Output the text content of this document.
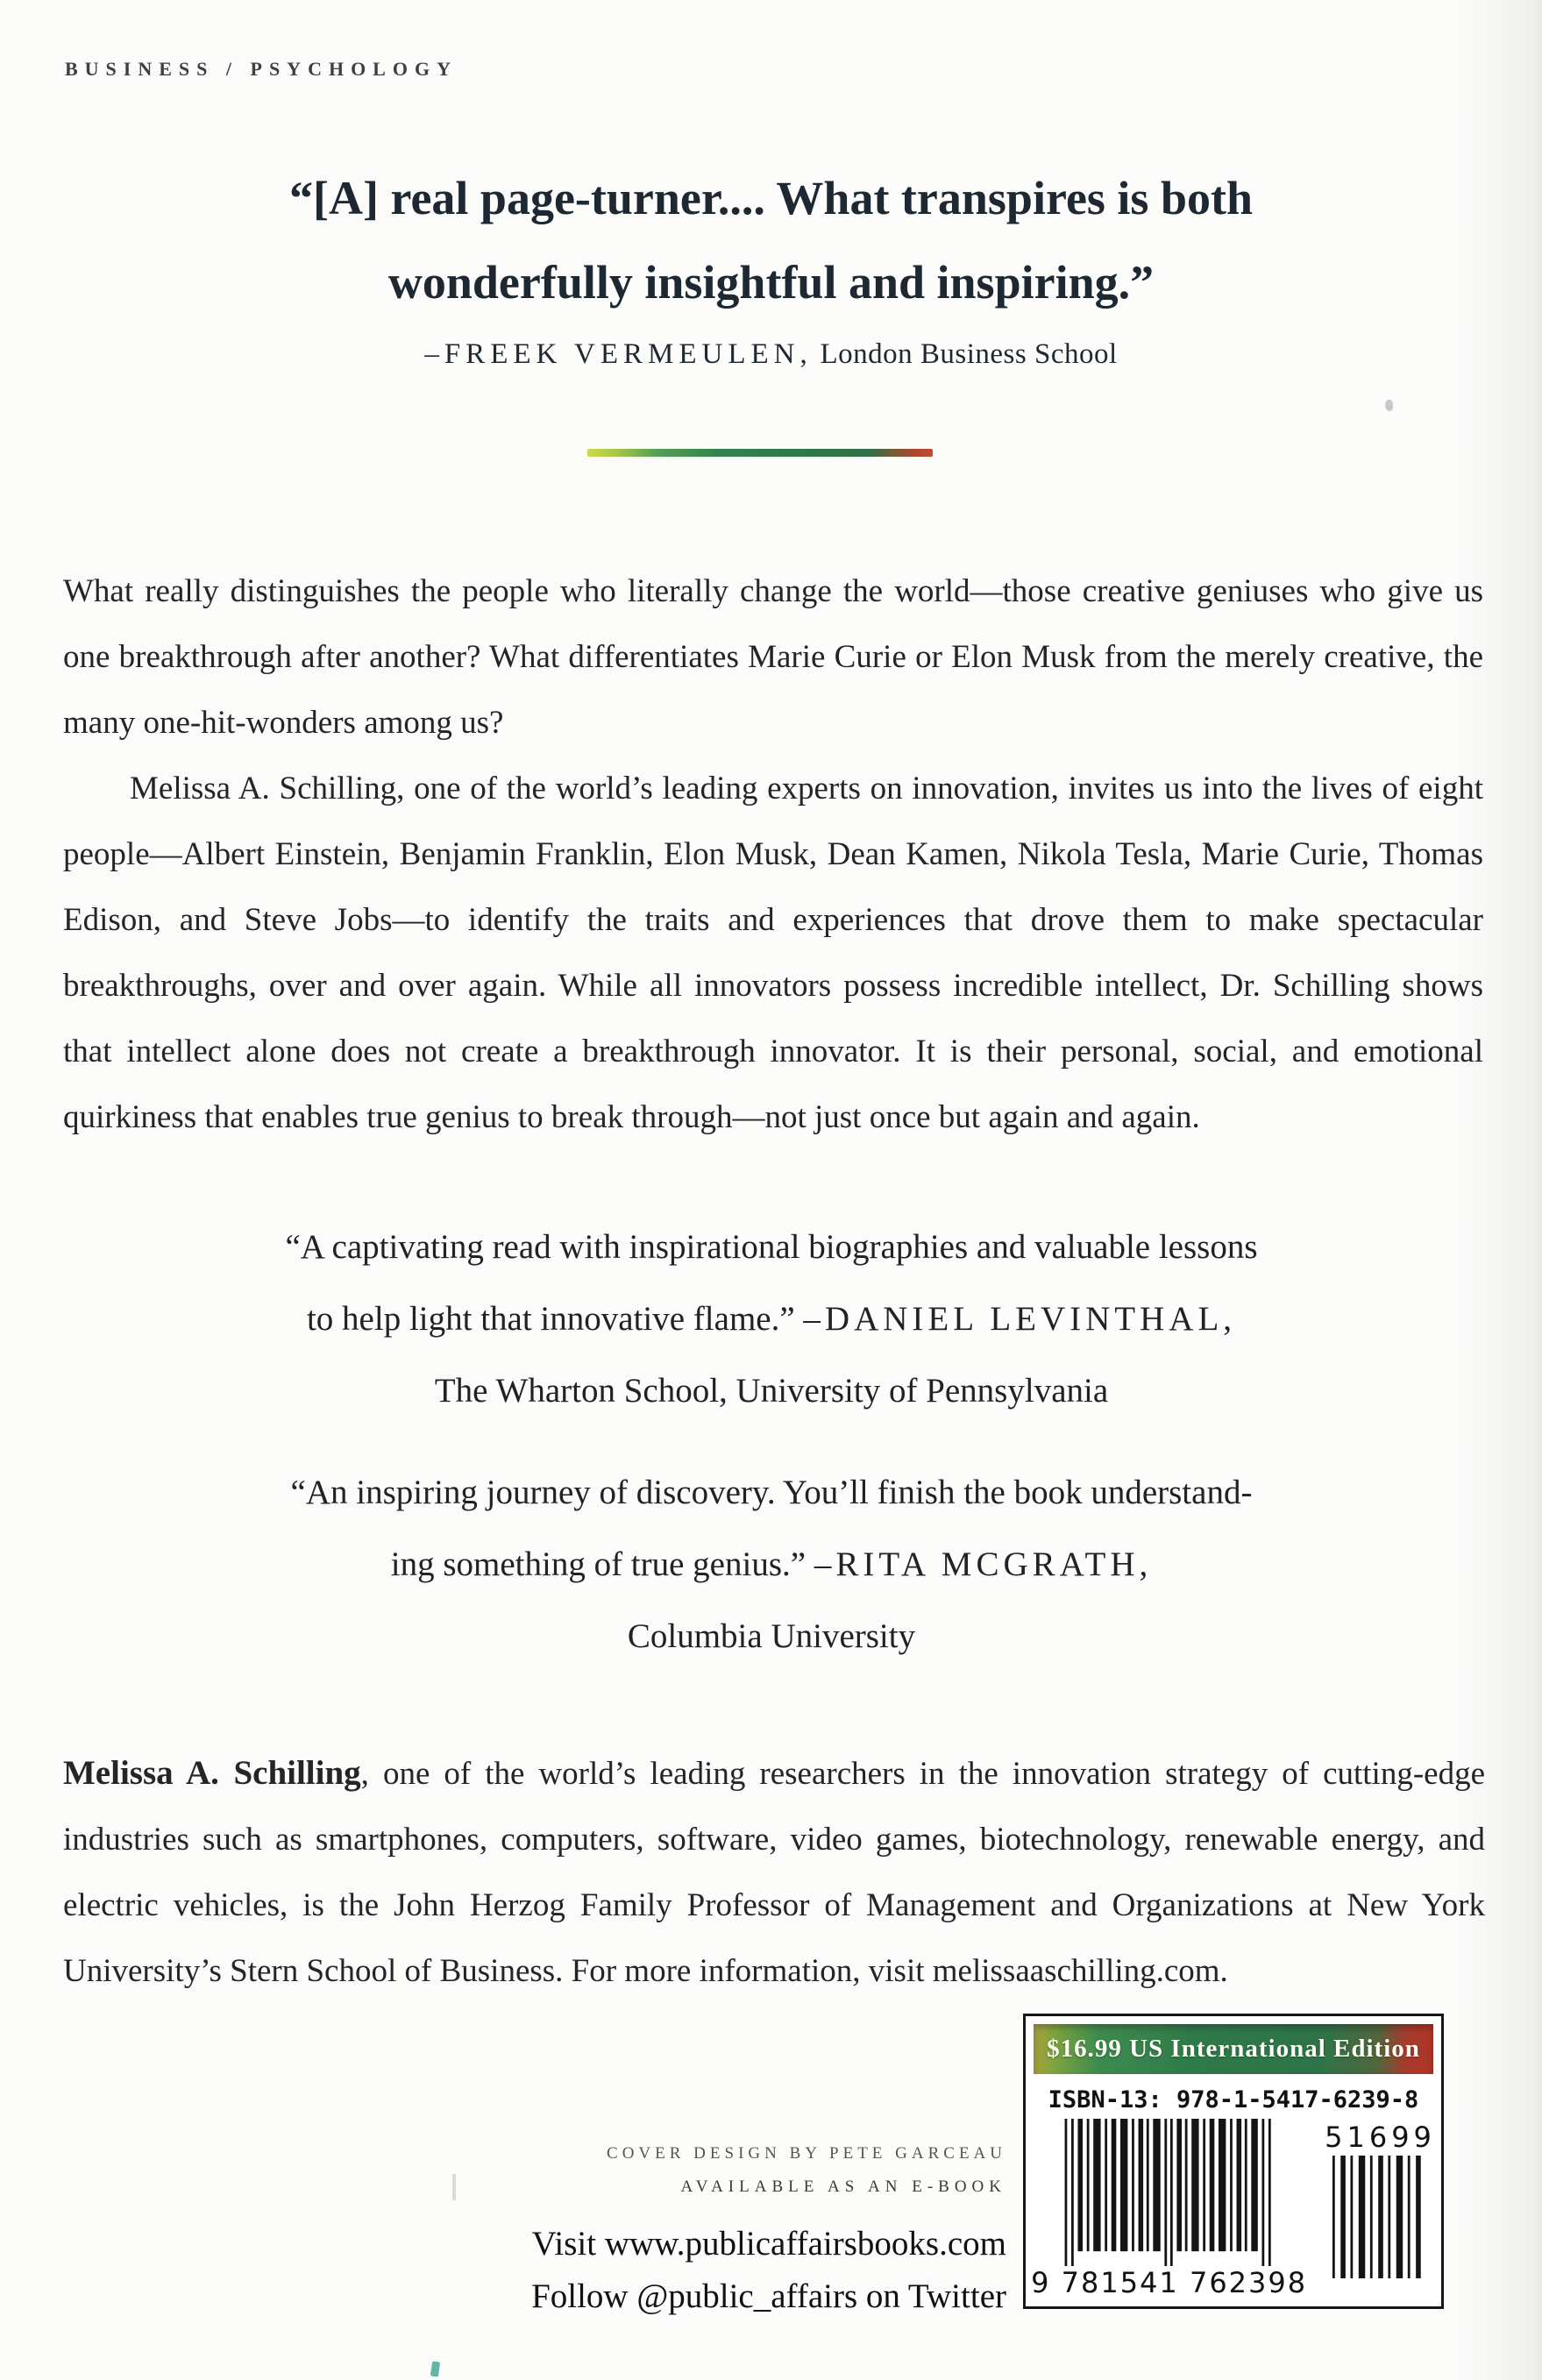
BUSINESS / PSYCHOLOGY
“[A] real page-turner.... What transpires is both
wonderfully insightful and inspiring.”
–FREEK VERMEULEN, London Business School

What really distinguishes the people who literally change the world—those creative geniuses who give us one breakthrough after another? What differentiates Marie Curie or Elon Musk from the merely creative, the many one-hit-wonders among us?

Melissa A. Schilling, one of the world’s leading experts on innovation, invites us into the lives of eight people—Albert Einstein, Benjamin Franklin, Elon Musk, Dean Kamen, Nikola Tesla, Marie Curie, Thomas Edison, and Steve Jobs—to identify the traits and experiences that drove them to make spectacular breakthroughs, over and over again. While all innovators possess incredible intellect, Dr. Schilling shows that intellect alone does not create a breakthrough innovator. It is their personal, social, and emotional quirkiness that enables true genius to break through—not just once but again and again.

“A captivating read with inspirational biographies and valuable lessons
to help light that innovative flame.” –DANIEL LEVINTHAL,
The Wharton School, University of Pennsylvania
“An inspiring journey of discovery. You’ll finish the book understand-
ing something of true genius.” –RITA MCGRATH,
Columbia University

Melissa A. Schilling, one of the world’s leading researchers in the innovation strategy of cutting-edge industries such as smartphones, computers, software, video games, biotechnology, renewable energy, and electric vehicles, is the John Herzog Family Professor of Management and Organizations at New York University’s Stern School of Business. For more information, visit melissaaschilling.com.

COVER DESIGN BY PETE GARCEAU
AVAILABLE AS AN E-BOOK
Visit www.publicaffairsbooks.com
Follow @public_affairs on Twitter
$16.99 US International Edition
ISBN-13: 978-1-5417-6239-8
9 781541 762398
51699
